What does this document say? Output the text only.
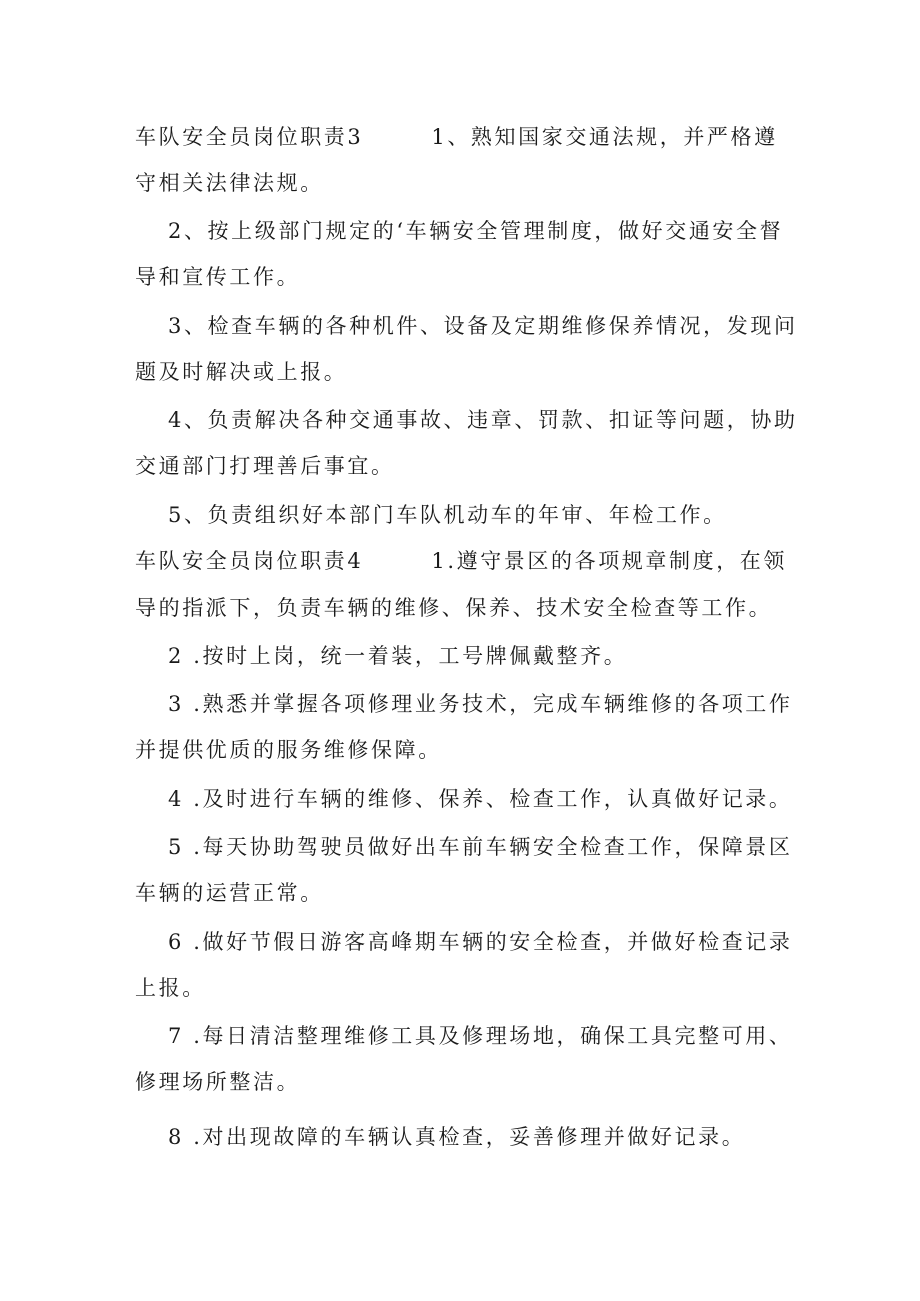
车队安全员岗位职责3	1、熟知国家交通法规，并严格遵

守相关法律法规。

2、按上级部门规定的‘车辆安全管理制度，做好交通安全督

导和宣传工作。

3、检查车辆的各种机件、设备及定期维修保养情况，发现问

题及时解决或上报。

4、负责解决各种交通事故、违章、罚款、扣证等问题，协助

交通部门打理善后事宜。

5、负责组织好本部门车队机动车的年审、年检工作。

车队安全员岗位职责4	1.遵守景区的各项规章制度，在领

导的指派下，负责车辆的维修、保养、技术安全检查等工作。

2 .按时上岗，统一着装，工号牌佩戴整齐。

3 .熟悉并掌握各项修理业务技术，完成车辆维修的各项工作

并提供优质的服务维修保障。

4 .及时进行车辆的维修、保养、检查工作，认真做好记录。

5 .每天协助驾驶员做好出车前车辆安全检查工作，保障景区

车辆的运营正常。

6 .做好节假日游客高峰期车辆的安全检查，并做好检查记录

上报。

7 .每日清洁整理维修工具及修理场地，确保工具完整可用、

修理场所整洁。

8 .对出现故障的车辆认真检查，妥善修理并做好记录。
